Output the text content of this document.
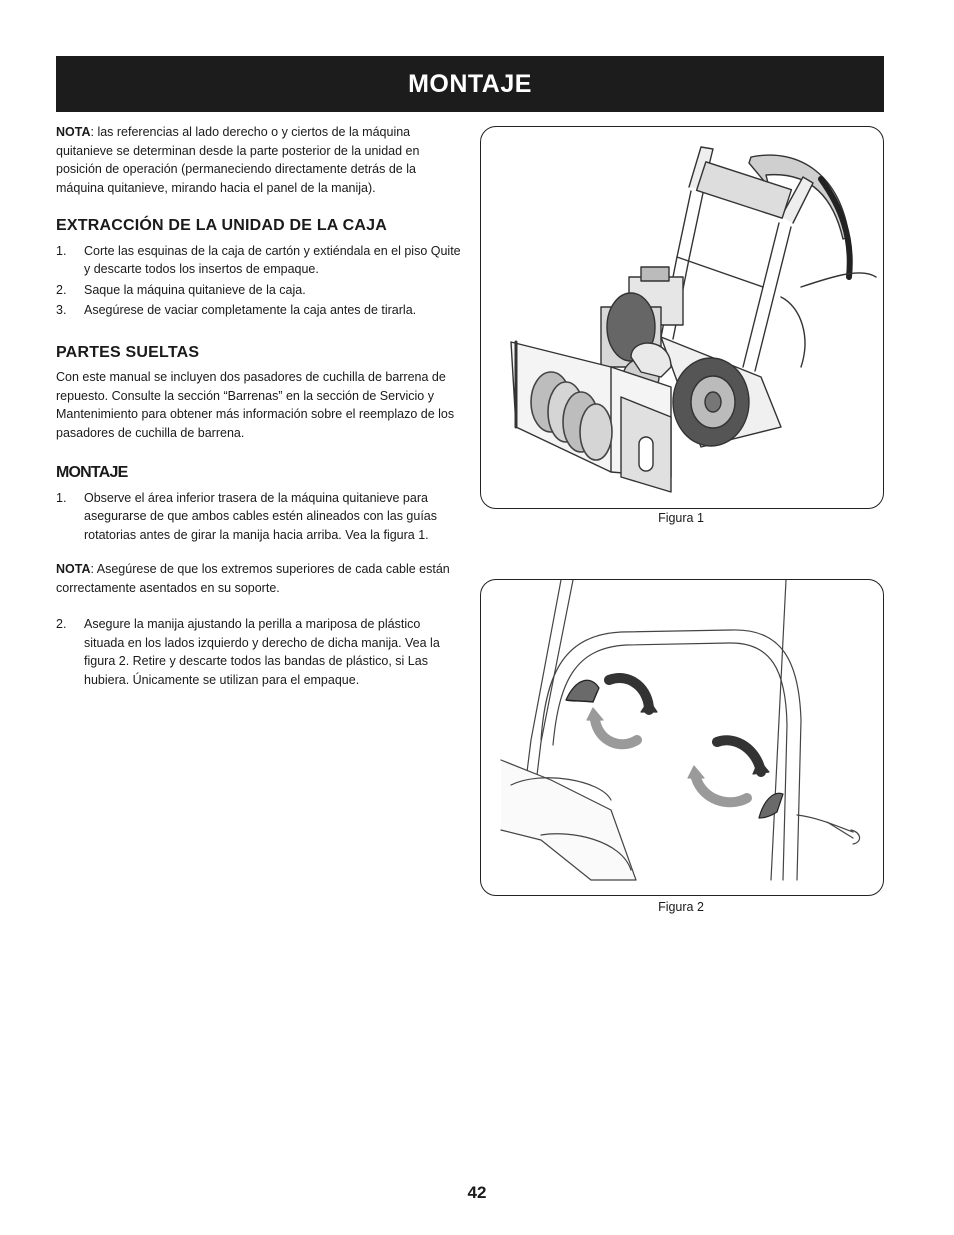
MONTAJE

NOTA: las referencias al lado derecho o y ciertos de la máquina quitanieve se determinan desde la parte posterior de la unidad en posición de operación (permaneciendo directamente detrás de la máquina quitanieve, mirando hacia el panel de la manija).

EXTRACCIÓN DE LA UNIDAD DE LA CAJA
1.	Corte las esquinas de la caja de cartón y extiéndala en el piso Quite y descarte todos los insertos de empaque.
2.	Saque la máquina quitanieve de la caja.
3.	Asegúrese de vaciar completamente la caja antes de tirarla.
PARTES SUELTAS

Con este manual se incluyen dos pasadores de cuchilla de barrena de repuesto. Consulte la sección “Barrenas” en la sección de Servicio y Mantenimiento para obtener más información sobre el reemplazo de los pasadores de cuchilla de barrena.

MONTAJE
1.	Observe el área inferior trasera de la máquina quitanieve para asegurarse de que ambos cables estén alineados con las guías rotatorias antes de girar la manija hacia arriba. Vea la figura 1.

NOTA: Asegúrese de que los extremos superiores de cada cable están correctamente asentados en su soporte.

2.	Asegure la manija ajustando la perilla a mariposa de plástico situada en los lados izquierdo y derecho de dicha manija. Vea la figura 2. Retire y descarte todos las bandas de plástico, si Las hubiera. Únicamente se utilizan para el empaque.
Figura 1
Figura 2
42
